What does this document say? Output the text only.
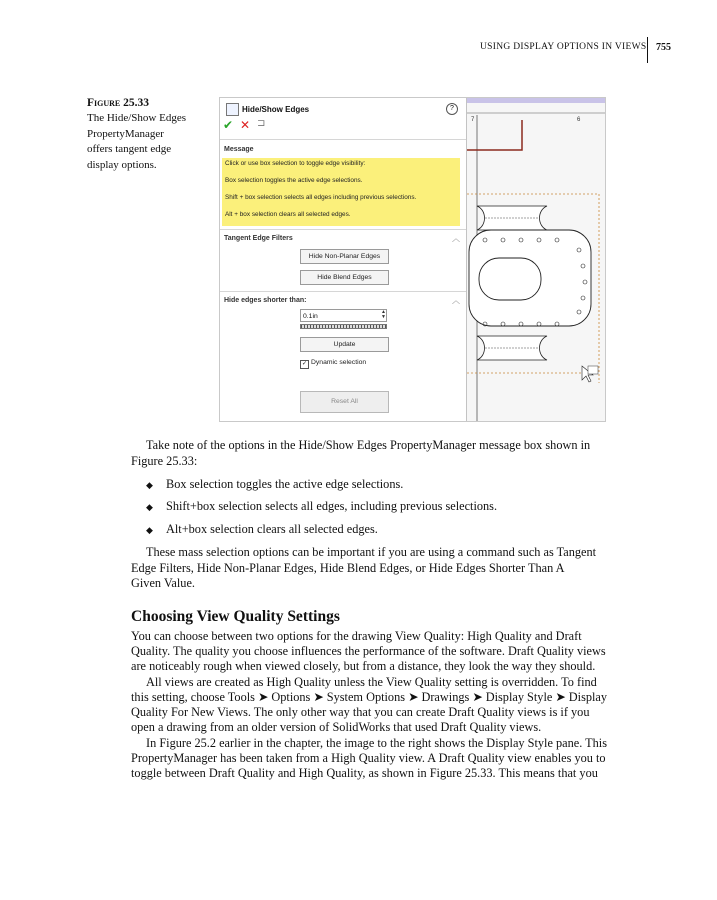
USING DISPLAY OPTIONS IN VIEWS 755
Figure 25.33
The Hide/Show Edges
PropertyManager
offers tangent edge
display options.
Hide/Show Edges	?
✔ ✕ ⊐
Message
Click or use box selection to toggle edge visibility:
Box selection toggles the active edge selections.
Shift + box selection selects all edges including previous selections.
Alt + box selection clears all selected edges.
Tangent Edge Filters	︿
Hide Non-Planar Edges
Hide Blend Edges
Hide edges shorter than:	︿
0.1in
▲
▼
Update
✓ Dynamic selection
Reset All
7	6
Take note of the options in the Hide/Show Edges PropertyManager message box shown in
Figure 25.33:
◆ Box selection toggles the active edge selections.
◆ Shift+box selection selects all edges, including previous selections.
◆ Alt+box selection clears all selected edges.
These mass selection options can be important if you are using a command such as Tangent
Edge Filters, Hide Non-Planar Edges, Hide Blend Edges, or Hide Edges Shorter Than A
Given Value.
Choosing View Quality Settings
You can choose between two options for the drawing View Quality: High Quality and Draft
Quality. The quality you choose influences the performance of the software. Draft Quality views
are noticeably rough when viewed closely, but from a distance, they look the way they should.
All views are created as High Quality unless the View Quality setting is overridden. To find
this setting, choose Tools ➤ Options ➤ System Options ➤ Drawings ➤ Display Style ➤ Display
Quality For New Views. The only other way that you can create Draft Quality views is if you
open a drawing from an older version of SolidWorks that used Draft Quality views.
In Figure 25.2 earlier in the chapter, the image to the right shows the Display Style pane. This
PropertyManager has been taken from a High Quality view. A Draft Quality view enables you to
toggle between Draft Quality and High Quality, as shown in Figure 25.33. This means that you
